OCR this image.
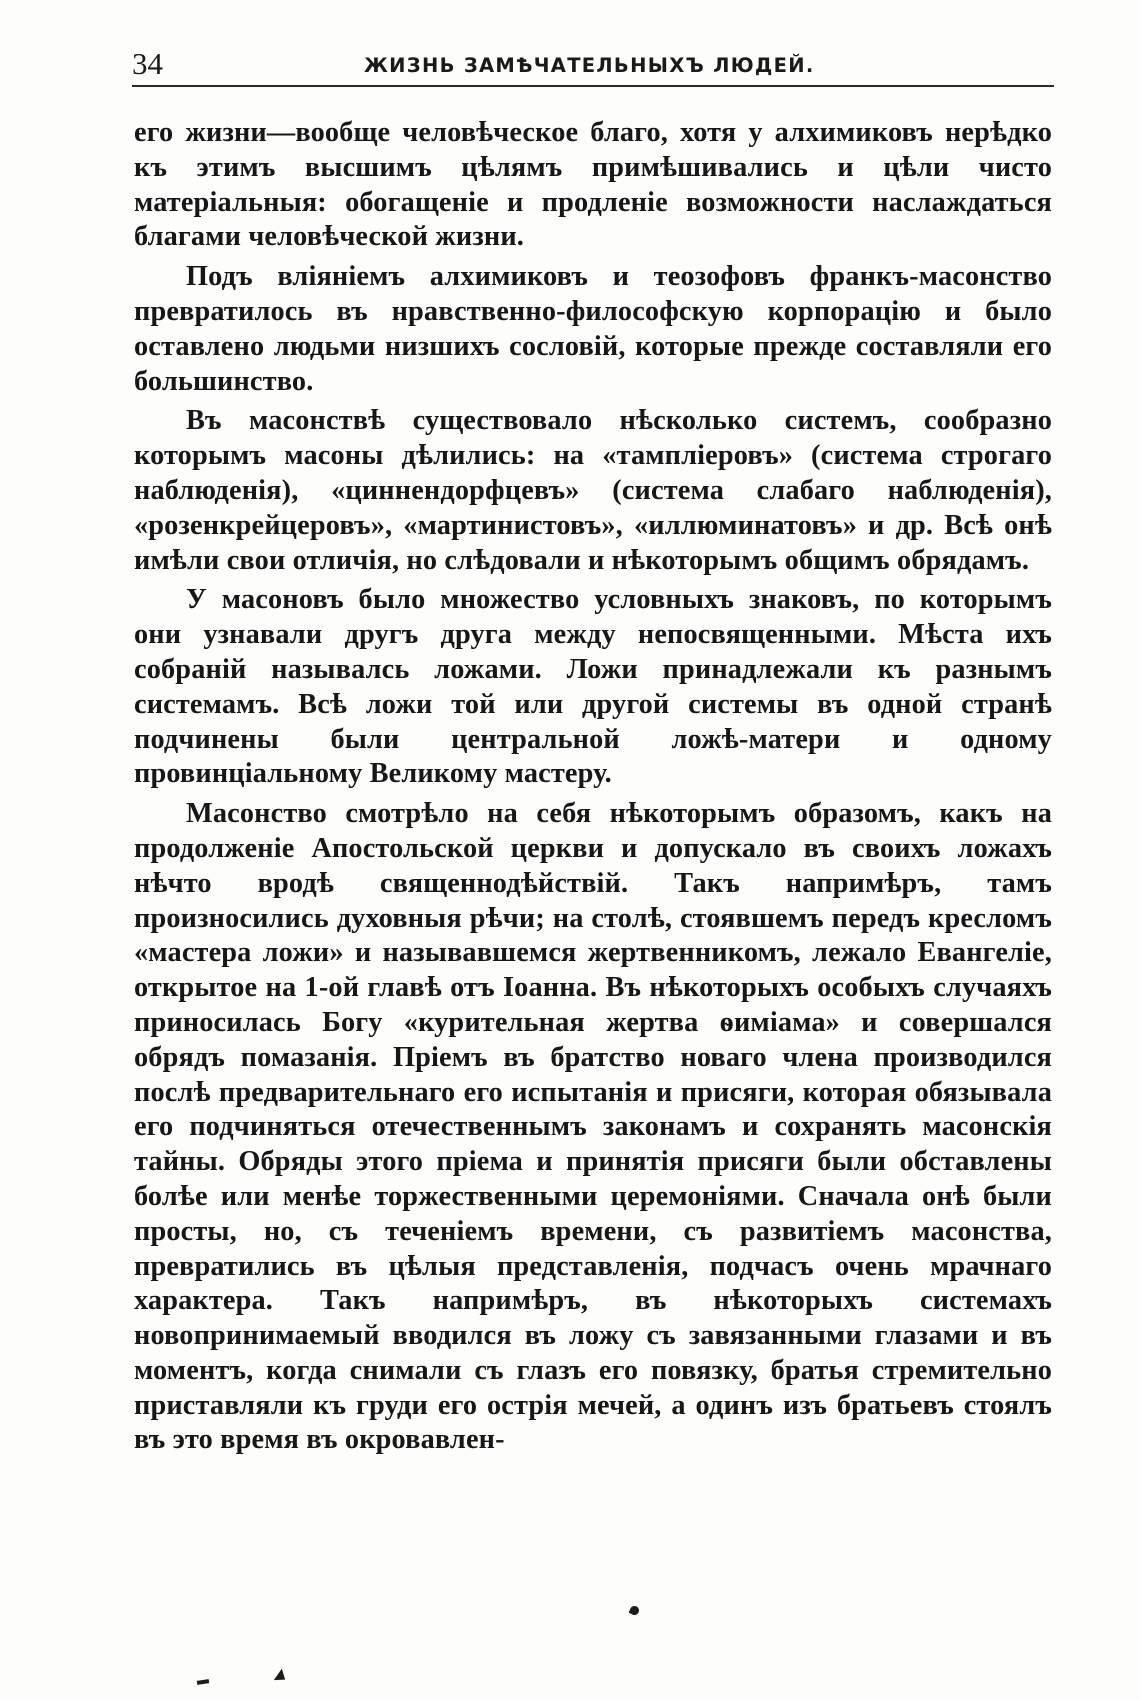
34	ЖИЗНЬ ЗАМѢЧАТЕЛЬНЫХЪ ЛЮДЕЙ.

его жизни—вообще человѣческое благо, хотя у алхимиковъ нерѣдко къ этимъ высшимъ цѣлямъ примѣшивались и цѣли чисто матеріальныя: обогащеніе и продленіе возможности наслаждаться благами человѣческой жизни.

Подъ вліяніемъ алхимиковъ и теозофовъ франкъ-масонство превратилось въ нравственно-философскую корпорацію и было оставлено людьми низшихъ сословій, которые прежде составляли его большинство.

Въ масонствѣ существовало нѣсколько системъ, сообразно которымъ масоны дѣлились: на «тампліеровъ» (система строгаго наблюденія), «циннендорфцевъ» (система слабаго наблюденія), «розенкрейцеровъ», «мартинистовъ», «иллюминатовъ» и др. Всѣ онѣ имѣли свои отличія, но слѣдовали и нѣкоторымъ общимъ обрядамъ.

У масоновъ было множество условныхъ знаковъ, по которымъ они узнавали другъ друга между непосвященными. Мѣста ихъ собраній называлсь ложами. Ложи принадлежали къ разнымъ системамъ. Всѣ ложи той или другой системы въ одной странѣ подчинены были центральной ложѣ-матери и одному провинціальному Великому мастеру.

Масонство смотрѣло на себя нѣкоторымъ образомъ, какъ на продолженіе Апостольской церкви и допускало въ своихъ ложахъ нѣчто вродѣ священнодѣйствій. Такъ напримѣръ, тамъ произносились духовныя рѣчи; на столѣ, стоявшемъ передъ кресломъ «мастера ложи» и называвшемся жертвенникомъ, лежало Евангеліе, открытое на 1-ой главѣ отъ Іоанна. Въ нѣкоторыхъ особыхъ случаяхъ приносилась Богу «курительная жертва ѳиміама» и совершался обрядъ помазанія. Пріемъ въ братство новаго члена производился послѣ предварительнаго его испытанія и присяги, которая обязывала его подчиняться отечественнымъ законамъ и сохранять масонскія тайны. Обряды этого пріема и принятія присяги были обставлены болѣе или менѣе торжественными церемоніями. Сначала онѣ были просты, но, съ теченіемъ времени, съ развитіемъ масонства, превратились въ цѣлыя представленія, подчасъ очень мрачнаго характера. Такъ напримѣръ, въ нѣкоторыхъ системахъ новопринимаемый вводился въ ложу съ завязанными глазами и въ моментъ, когда снимали съ глазъ его повязку, братья стремительно приставляли къ груди его острія мечей, а одинъ изъ братьевъ стоялъ въ это время въ окровавлен-
